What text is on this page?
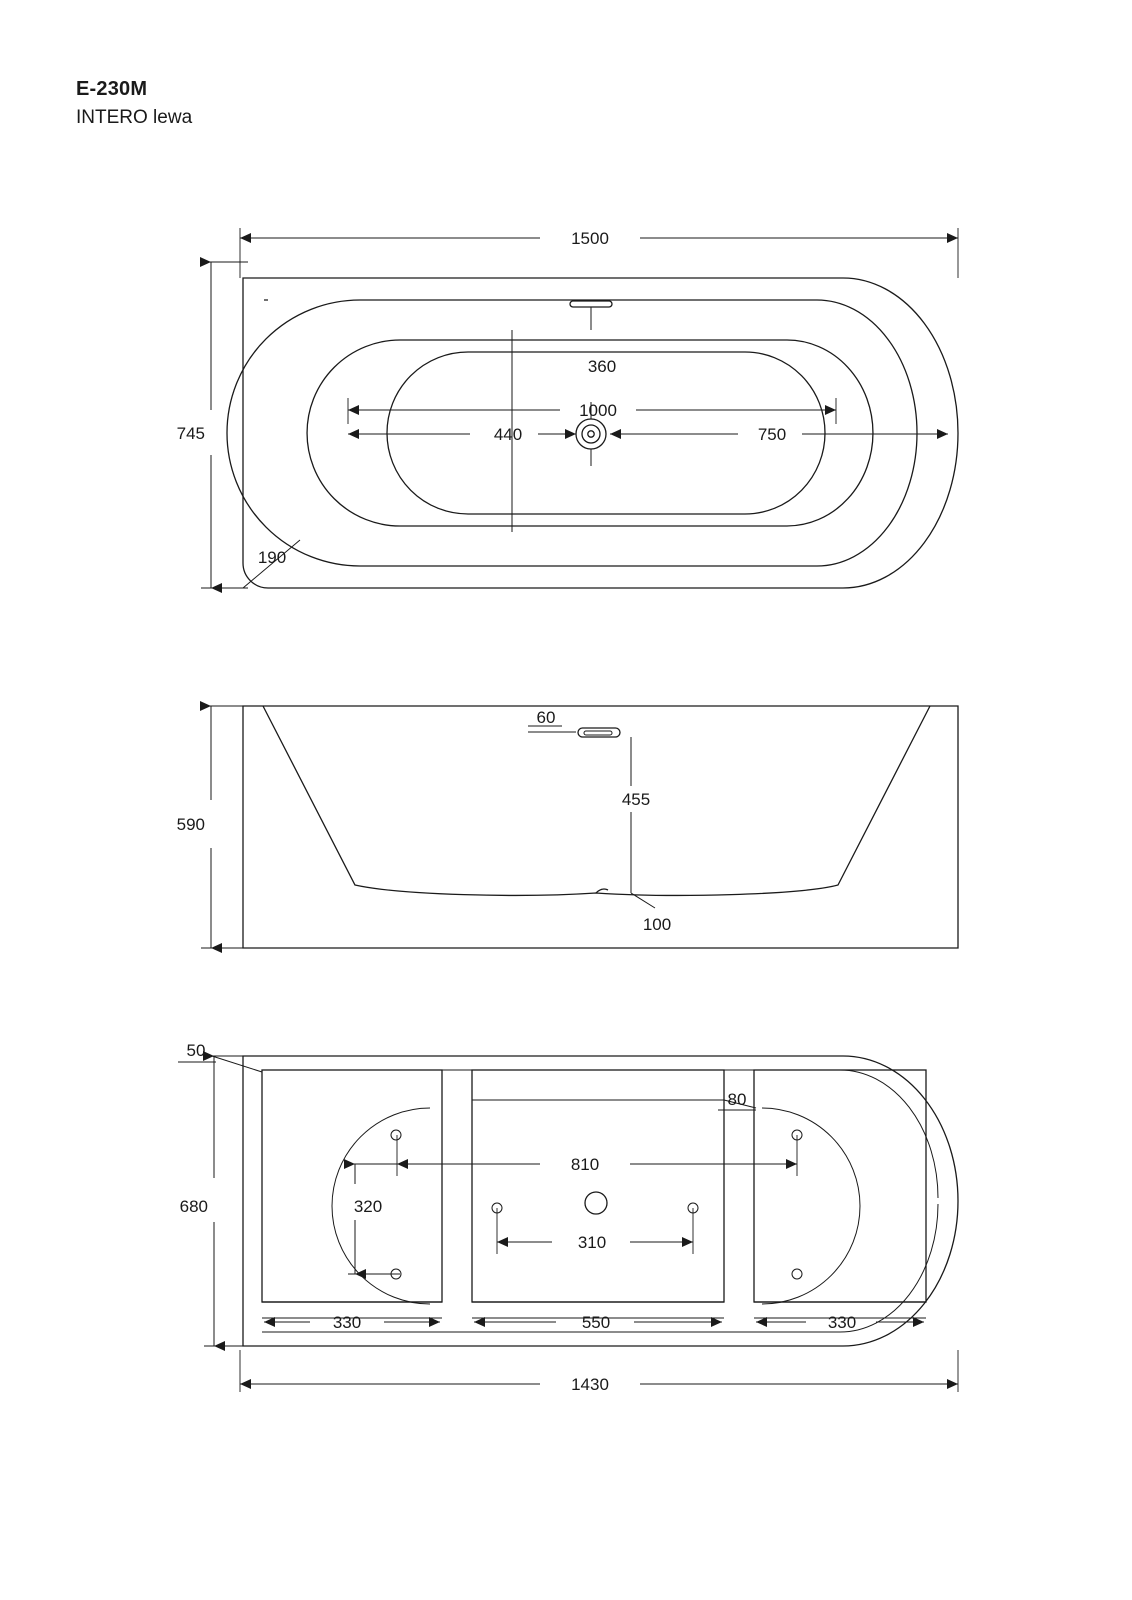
E-230M
INTERO lewa
1500
745
360
1000
440	750
190
590
60
455
100
50
680
1430
80
810
320
310
330	550	330
